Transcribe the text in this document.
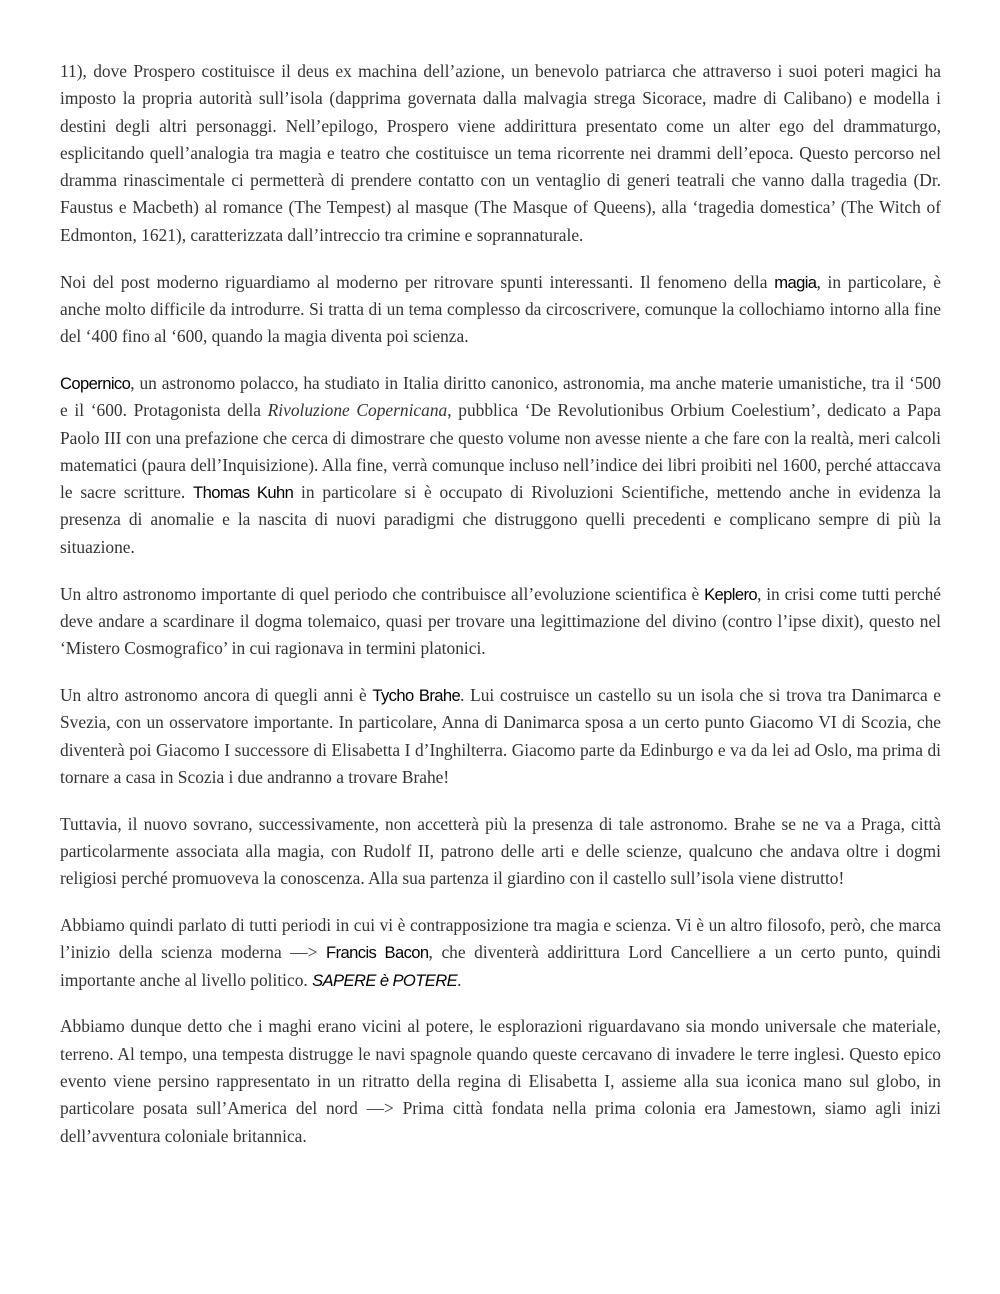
11), dove Prospero costituisce il deus ex machina dell’azione, un benevolo patriarca che attraverso i suoi poteri magici ha imposto la propria autorità sull’isola (dapprima governata dalla malvagia strega Sicorace, madre di Calibano) e modella i destini degli altri personaggi. Nell’epilogo, Prospero viene addirittura presentato come un alter ego del drammaturgo, esplicitando quell’analogia tra magia e teatro che costituisce un tema ricorrente nei drammi dell’epoca. Questo percorso nel dramma rinascimentale ci permetterà di prendere contatto con un ventaglio di generi teatrali che vanno dalla tragedia (Dr. Faustus e Macbeth) al romance (The Tempest) al masque (The Masque of Queens), alla ‘tragedia domestica’ (The Witch of Edmonton, 1621), caratterizzata dall’intreccio tra crimine e soprannaturale.

Noi del post moderno riguardiamo al moderno per ritrovare spunti interessanti. Il fenomeno della magia, in particolare, è anche molto difficile da introdurre. Si tratta di un tema complesso da circoscrivere, comunque la collochiamo intorno alla fine del ‘400 fino al ‘600, quando la magia diventa poi scienza.

Copernico, un astronomo polacco, ha studiato in Italia diritto canonico, astronomia, ma anche materie umanistiche, tra il ‘500 e il ‘600. Protagonista della Rivoluzione Copernicana, pubblica ‘De Revolutionibus Orbium Coelestium’, dedicato a Papa Paolo III con una prefazione che cerca di dimostrare che questo volume non avesse niente a che fare con la realtà, meri calcoli matematici (paura dell’Inquisizione). Alla fine, verrà comunque incluso nell’indice dei libri proibiti nel 1600, perché attaccava le sacre scritture. Thomas Kuhn in particolare si è occupato di Rivoluzioni Scientifiche, mettendo anche in evidenza la presenza di anomalie e la nascita di nuovi paradigmi che distruggono quelli precedenti e complicano sempre di più la situazione.

Un altro astronomo importante di quel periodo che contribuisce all’evoluzione scientifica è Keplero, in crisi come tutti perché deve andare a scardinare il dogma tolemaico, quasi per trovare una legittimazione del divino (contro l’ipse dixit), questo nel ‘Mistero Cosmografico’ in cui ragionava in termini platonici.

Un altro astronomo ancora di quegli anni è Tycho Brahe. Lui costruisce un castello su un isola che si trova tra Danimarca e Svezia, con un osservatore importante. In particolare, Anna di Danimarca sposa a un certo punto Giacomo VI di Scozia, che diventerà poi Giacomo I successore di Elisabetta I d’Inghilterra. Giacomo parte da Edinburgo e va da lei ad Oslo, ma prima di tornare a casa in Scozia i due andranno a trovare Brahe!

Tuttavia, il nuovo sovrano, successivamente, non accetterà più la presenza di tale astronomo. Brahe se ne va a Praga, città particolarmente associata alla magia, con Rudolf II, patrono delle arti e delle scienze, qualcuno che andava oltre i dogmi religiosi perché promuoveva la conoscenza. Alla sua partenza il giardino con il castello sull’isola viene distrutto!

Abbiamo quindi parlato di tutti periodi in cui vi è contrapposizione tra magia e scienza. Vi è un altro filosofo, però, che marca l’inizio della scienza moderna —> Francis Bacon, che diventerà addirittura Lord Cancelliere a un certo punto, quindi importante anche al livello politico. SAPERE è POTERE.

Abbiamo dunque detto che i maghi erano vicini al potere, le esplorazioni riguardavano sia mondo universale che materiale, terreno. Al tempo, una tempesta distrugge le navi spagnole quando queste cercavano di invadere le terre inglesi. Questo epico evento viene persino rappresentato in un ritratto della regina di Elisabetta I, assieme alla sua iconica mano sul globo, in particolare posata sull’America del nord —> Prima città fondata nella prima colonia era Jamestown, siamo agli inizi dell’avventura coloniale britannica.
